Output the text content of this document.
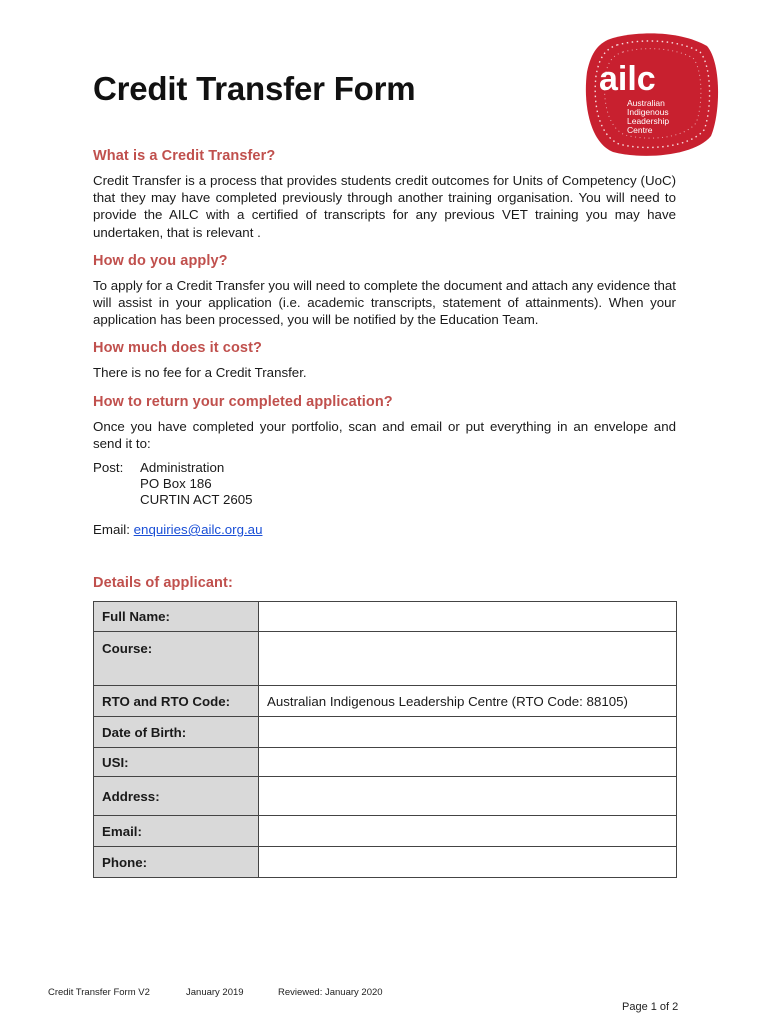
Credit Transfer Form	ailc
Australian
Indigenous
Leadership
Centre
What is a Credit Transfer?

Credit Transfer is a process that provides students credit outcomes for Units of Competency (UoC) that they may have completed previously through another training organisation. You will need to provide the AILC with a certified of transcripts for any previous VET training you may have undertaken, that is relevant .

How do you apply?

To apply for a Credit Transfer you will need to complete the document and attach any evidence that will assist in your application (i.e. academic transcripts, statement of attainments). When your application has been processed, you will be notified by the Education Team.

How much does it cost?

There is no fee for a Credit Transfer.

How to return your completed application?

Once you have completed your portfolio, scan and email or put everything in an envelope and send it to:

Post:	Administration
PO Box 186
CURTIN ACT 2605
Email: enquiries@ailc.org.au
Details of applicant:
Full Name:	
Course:	
RTO and RTO Code:	Australian Indigenous Leadership Centre (RTO Code: 88105)
Date of Birth:	
USI:	
Address:	
Email:	
Phone:	
Credit Transfer Form V2	January 2019	Reviewed: January 2020
Page 1 of 2
